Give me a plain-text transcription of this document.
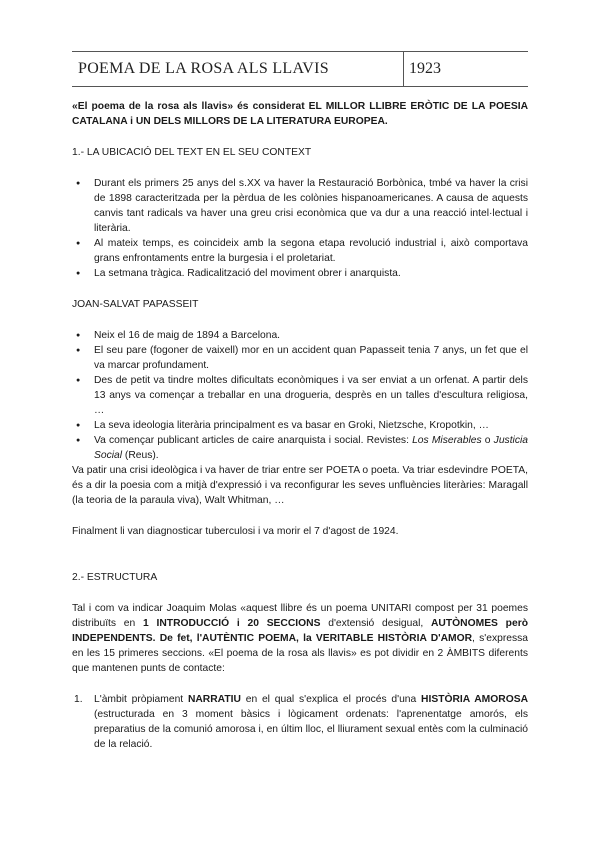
POEMA DE LA ROSA ALS LLAVIS	1923

«El poema de la rosa als llavis» és considerat EL MILLOR LLIBRE ERÒTIC DE LA POESIA CATALANA i UN DELS MILLORS DE LA LITERATURA EUROPEA.

1.- LA UBICACIÓ DEL TEXT EN EL SEU CONTEXT

● Durant els primers 25 anys del s.XX va haver la Restauració Borbònica, tmbé va haver la crisi de 1898 caracteritzada per la pèrdua de les colònies hispanoamericanes. A causa de aquests canvis tant radicals va haver una greu crisi econòmica que va dur a una reacció intel·lectual i literària.
● Al mateix temps, es coincideix amb la segona etapa revolució industrial i, això comportava grans enfrontaments entre la burgesia i el proletariat.
● La setmana tràgica. Radicalització del moviment obrer i anarquista.

JOAN-SALVAT PAPASSEIT

● Neix el 16 de maig de 1894 a Barcelona.
● El seu pare (fogoner de vaixell) mor en un accident quan Papasseit tenia 7 anys, un fet que el va marcar profundament.
● Des de petit va tindre moltes dificultats econòmiques i va ser enviat a un orfenat. A partir dels 13 anys va començar a treballar en una drogueria, desprès en un talles d'escultura religiosa, …
● La seva ideologia literària principalment es va basar en Groki, Nietzsche, Kropotkin, …
● Va començar publicant articles de caire anarquista i social. Revistes: Los Miserables o Justicia Social (Reus).

Va patir una crisi ideològica i va haver de triar entre ser POETA o poeta. Va triar esdevindre POETA, és a dir la poesia com a mitjà d'expressió i va reconfigurar les seves unfluències literàries: Maragall (la teoria de la paraula viva), Walt Whitman, …

Finalment li van diagnosticar tuberculosi i va morir el 7 d'agost de 1924.

2.- ESTRUCTURA

Tal i com va indicar Joaquim Molas «aquest llibre és un poema UNITARI compost per 31 poemes distribuïts en 1 INTRODUCCIÓ i 20 SECCIONS d'extensió desigual, AUTÒNOMES però INDEPENDENTS. De fet, l'AUTÈNTIC POEMA, la VERITABLE HISTÒRIA D'AMOR, s'expressa en les 15 primeres seccions. «El poema de la rosa als llavis» es pot dividir en 2 ÀMBITS diferents que mantenen punts de contacte:

1. L'àmbit pròpiament NARRATIU en el qual s'explica el procés d'una HISTÒRIA AMOROSA (estructurada en 3 moment bàsics i lògicament ordenats: l'aprenentatge amorós, els preparatius de la comunió amorosa i, en últim lloc, el lliurament sexual entès com la culminació de la relació.
